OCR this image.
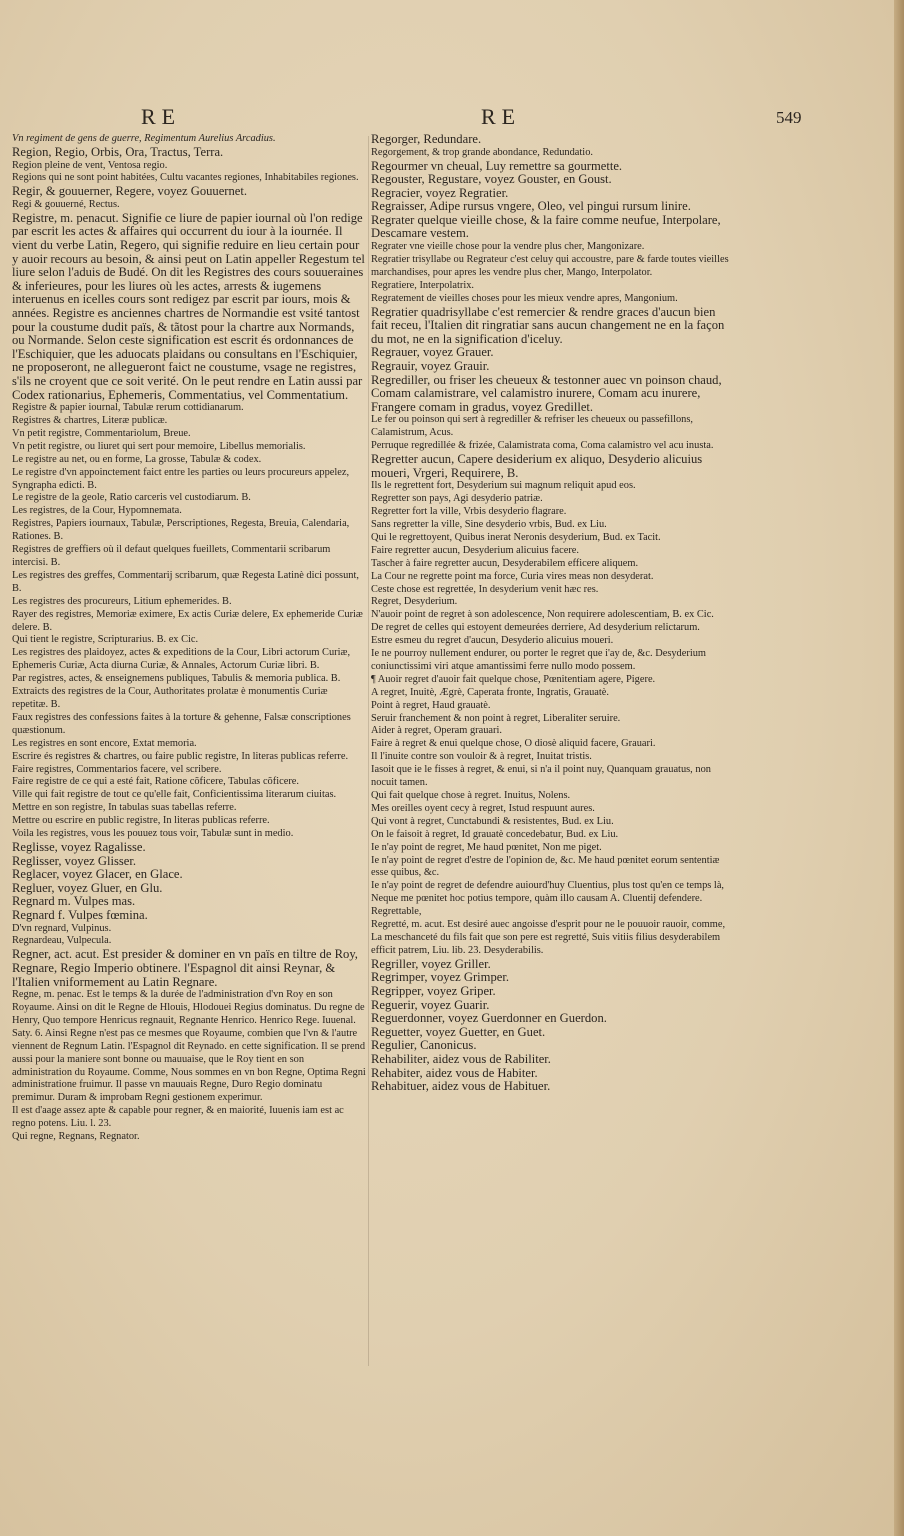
RE	RE	549

Vn regiment de gens de guerre, Regimentum Aurelius Arcadius.

Region, Regio, Orbis, Ora, Tractus, Terra.

Region pleine de vent, Ventosa regio.

Regions qui ne sont point habitées, Cultu vacantes regiones, Inhabitabiles regiones.

Regir, & gouuerner, Regere, voyez Gouuernet.

Regi & gouuerné, Rectus.

Registre, m. penacut. Signifie ce liure de papier iournal où l'on redige par escrit les actes & affaires qui occurrent du iour à la iournée. Il vient du verbe Latin, Regero, qui signifie reduire en lieu certain pour y auoir recours au besoin, & ainsi peut on Latin appeller Regestum tel liure selon l'aduis de Budé. On dit les Registres des cours souueraines & inferieures, pour les liures où les actes, arrests & iugemens interuenus en icelles cours sont redigez par escrit par iours, mois & années. Registre es anciennes chartres de Normandie est vsité tantost pour la coustume dudit païs, & tãtost pour la chartre aux Normands, ou Normande. Selon ceste signification est escrit és ordonnances de l'Eschiquier, que les aduocats plaidans ou consultans en l'Eschiquier, ne proposeront, ne allegueront faict ne coustume, vsage ne registres, s'ils ne croyent que ce soit verité. On le peut rendre en Latin aussi par Codex rationarius, Ephemeris, Commentatius, vel Commentatium.

Registre & papier iournal, Tabulæ rerum cottidianarum.

Registres & chartres, Literæ publicæ.

Vn petit registre, Commentariolum, Breue.

Vn petit registre, ou liuret qui sert pour memoire, Libellus memorialis.

Le registre au net, ou en forme, La grosse, Tabulæ & codex.

Le registre d'vn appoinctement faict entre les parties ou leurs procureurs appelez, Syngrapha edicti. B.

Le registre de la geole, Ratio carceris vel custodiarum. B.

Les registres, de la Cour, Hypomnemata.

Registres, Papiers iournaux, Tabulæ, Perscriptiones, Regesta, Breuia, Calendaria, Rationes. B.

Registres de greffiers où il defaut quelques fueillets, Commentarii scribarum intercisi. B.

Les registres des greffes, Commentarij scribarum, quæ Regesta Latinè dici possunt, B.

Les registres des procureurs, Litium ephemerides. B.

Rayer des registres, Memoriæ eximere, Ex actis Curiæ delere, Ex ephemeride Curiæ delere. B.

Qui tient le registre, Scripturarius. B. ex Cic.

Les registres des plaidoyez, actes & expeditions de la Cour, Libri actorum Curiæ, Ephemeris Curiæ, Acta diurna Curiæ, & Annales, Actorum Curiæ libri. B.

Par registres, actes, & enseignemens publiques, Tabulis & memoria publica. B.

Extraicts des registres de la Cour, Authoritates prolatæ è monumentis Curiæ repetitæ. B.

Faux registres des confessions faites à la torture & gehenne, Falsæ conscriptiones quæstionum.

Les registres en sont encore, Extat memoria.

Escrire és registres & chartres, ou faire public registre, In literas publicas referre.

Faire registres, Commentarios facere, vel scribere.

Faire registre de ce qui a esté fait, Ratione cõficere, Tabulas cõficere.

Ville qui fait registre de tout ce qu'elle fait, Conficientissima literarum ciuitas.

Mettre en son registre, In tabulas suas tabellas referre.

Mettre ou escrire en public registre, In literas publicas referre.

Voila les registres, vous les pouuez tous voir, Tabulæ sunt in medio.

Reglisse, voyez Ragalisse.

Reglisser, voyez Glisser.

Reglacer, voyez Glacer, en Glace.

Regluer, voyez Gluer, en Glu.

Regnard m. Vulpes mas.

Regnard f. Vulpes fœmina.

D'vn regnard, Vulpinus.

Regnardeau, Vulpecula.

Regner, act. acut. Est presider & dominer en vn païs en tiltre de Roy, Regnare, Regio Imperio obtinere. l'Espagnol dit ainsi Reynar, & l'Italien vniformement au Latin Regnare.

Regne, m. penac. Est le temps & la durée de l'administration d'vn Roy en son Royaume. Ainsi on dit le Regne de Hlouis, Hlodouei Regius dominatus. Du regne de Henry, Quo tempore Henricus regnauit, Regnante Henrico. Henrico Rege. Iuuenal. Saty. 6. Ainsi Regne n'est pas ce mesmes que Royaume, combien que l'vn & l'autre viennent de Regnum Latin. l'Espagnol dit Reynado. en cette signification. Il se prend aussi pour la maniere sont bonne ou mauuaise, que le Roy tient en son administration du Royaume. Comme, Nous sommes en vn bon Regne, Optima Regni administratione fruimur. Il passe vn mauuais Regne, Duro Regio dominatu premimur. Duram & improbam Regni gestionem experimur.

Il est d'aage assez apte & capable pour regner, & en maiorité, Iuuenis iam est ac regno potens. Liu. l. 23.

Qui regne, Regnans, Regnator.

Regorger, Redundare.

Regorgement, & trop grande abondance, Redundatio.

Regourmer vn cheual, Luy remettre sa gourmette.

Regouster, Regustare, voyez Gouster, en Goust.

Regracier, voyez Regratier.

Regraisser, Adipe rursus vngere, Oleo, vel pingui rursum linire.

Regrater quelque vieille chose, & la faire comme neufue, Interpolare, Descamare vestem.

Regrater vne vieille chose pour la vendre plus cher, Mangonizare.

Regratier trisyllabe ou Regrateur c'est celuy qui accoustre, pare & farde toutes vieilles marchandises, pour apres les vendre plus cher, Mango, Interpolator.

Regratiere, Interpolatrix.

Regratement de vieilles choses pour les mieux vendre apres, Mangonium.

Regratier quadrisyllabe c'est remercier & rendre graces d'aucun bien fait receu, l'Italien dit ringratiar sans aucun changement ne en la façon du mot, ne en la signification d'iceluy.

Regrauer, voyez Grauer.

Regrauir, voyez Grauir.

Regrediller, ou friser les cheueux & testonner auec vn poinson chaud, Comam calamistrare, vel calamistro inurere, Comam acu inurere, Frangere comam in gradus, voyez Gredillet.

Le fer ou poinson qui sert à regrediller & refriser les cheueux ou passefillons, Calamistrum, Acus.

Perruque regredillée & frizée, Calamistrata coma, Coma calamistro vel acu inusta.

Regretter aucun, Capere desiderium ex aliquo, Desyderio alicuius moueri, Vrgeri, Requirere, B.

Ils le regrettent fort, Desyderium sui magnum reliquit apud eos.

Regretter son pays, Agi desyderio patriæ.

Regretter fort la ville, Vrbis desyderio flagrare.

Sans regretter la ville, Sine desyderio vrbis, Bud. ex Liu.

Qui le regrettoyent, Quibus inerat Neronis desyderium, Bud. ex Tacit.

Faire regretter aucun, Desyderium alicuius facere.

Tascher à faire regretter aucun, Desyderabilem efficere aliquem.

La Cour ne regrette point ma force, Curia vires meas non desyderat.

Ceste chose est regrettée, In desyderium venit hæc res.

Regret, Desyderium.

N'auoir point de regret à son adolescence, Non requirere adolescentiam, B. ex Cic.

De regret de celles qui estoyent demeurées derriere, Ad desyderium relictarum.

Estre esmeu du regret d'aucun, Desyderio alicuius moueri.

Ie ne pourroy nullement endurer, ou porter le regret que i'ay de, &c. Desyderium coniunctissimi viri atque amantissimi ferre nullo modo possem.

¶ Auoir regret d'auoir fait quelque chose, Pœnitentiam agere, Pigere.

A regret, Inuitè, Ægrè, Caperata fronte, Ingratis, Grauatè.

Point à regret, Haud grauatè.

Seruir franchement & non point à regret, Liberaliter seruire.

Aider à regret, Operam grauari.

Faire à regret & enui quelque chose, O diosè aliquid facere, Grauari.

Il l'inuite contre son vouloir & à regret, Inuitat tristis.

Iasoit que ie le fisses à regret, & enui, si n'a il point nuy, Quanquam grauatus, non nocuit tamen.

Qui fait quelque chose à regret. Inuitus, Nolens.

Mes oreilles oyent cecy à regret, Istud respuunt aures.

Qui vont à regret, Cunctabundi & resistentes, Bud. ex Liu.

On le faisoit à regret, Id grauatè concedebatur, Bud. ex Liu.

Ie n'ay point de regret, Me haud pœnitet, Non me piget.

Ie n'ay point de regret d'estre de l'opinion de, &c. Me haud pœnitet eorum sententiæ esse quibus, &c.

Ie n'ay point de regret de defendre auiourd'huy Cluentius, plus tost qu'en ce temps là, Neque me pœnitet hoc potius tempore, quàm illo causam A. Cluentij defendere.

Regrettable,

Regretté, m. acut. Est desiré auec angoisse d'esprit pour ne le pouuoir rauoir, comme, La meschanceté du fils fait que son pere est regretté, Suis vitiis filius desyderabilem efficit patrem, Liu. lib. 23. Desyderabilis.

Regriller, voyez Griller.

Regrimper, voyez Grimper.

Regripper, voyez Griper.

Reguerir, voyez Guarir.

Reguerdonner, voyez Guerdonner en Guerdon.

Reguetter, voyez Guetter, en Guet.

Regulier, Canonicus.

Rehabiliter, aidez vous de Rabiliter.

Rehabiter, aidez vous de Habiter.

Rehabituer, aidez vous de Habituer.
